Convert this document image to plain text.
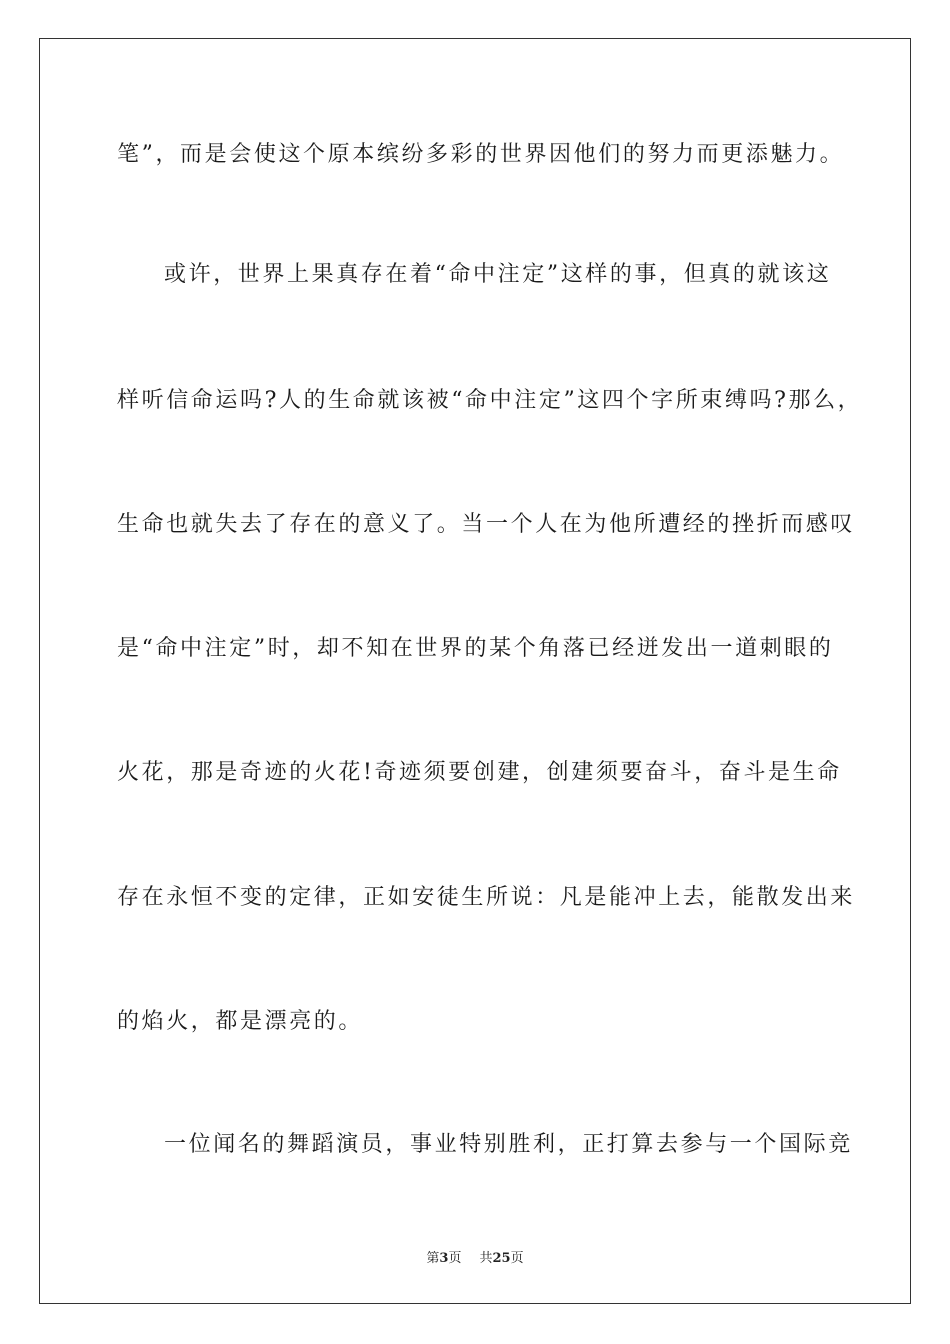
笔”，而是会使这个原本缤纷多彩的世界因他们的努力而更添魅力。
或许，世界上果真存在着“命中注定”这样的事，但真的就该这
样听信命运吗?人的生命就该被“命中注定”这四个字所束缚吗?那么，
生命也就失去了存在的意义了。当一个人在为他所遭经的挫折而感叹
是“命中注定”时，却不知在世界的某个角落已经迸发出一道刺眼的
火花，那是奇迹的火花!奇迹须要创建，创建须要奋斗，奋斗是生命
存在永恒不变的定律，正如安徒生所说：凡是能冲上去，能散发出来
的焰火，都是漂亮的。
一位闻名的舞蹈演员，事业特别胜利，正打算去参与一个国际竞
第3页 共25页
